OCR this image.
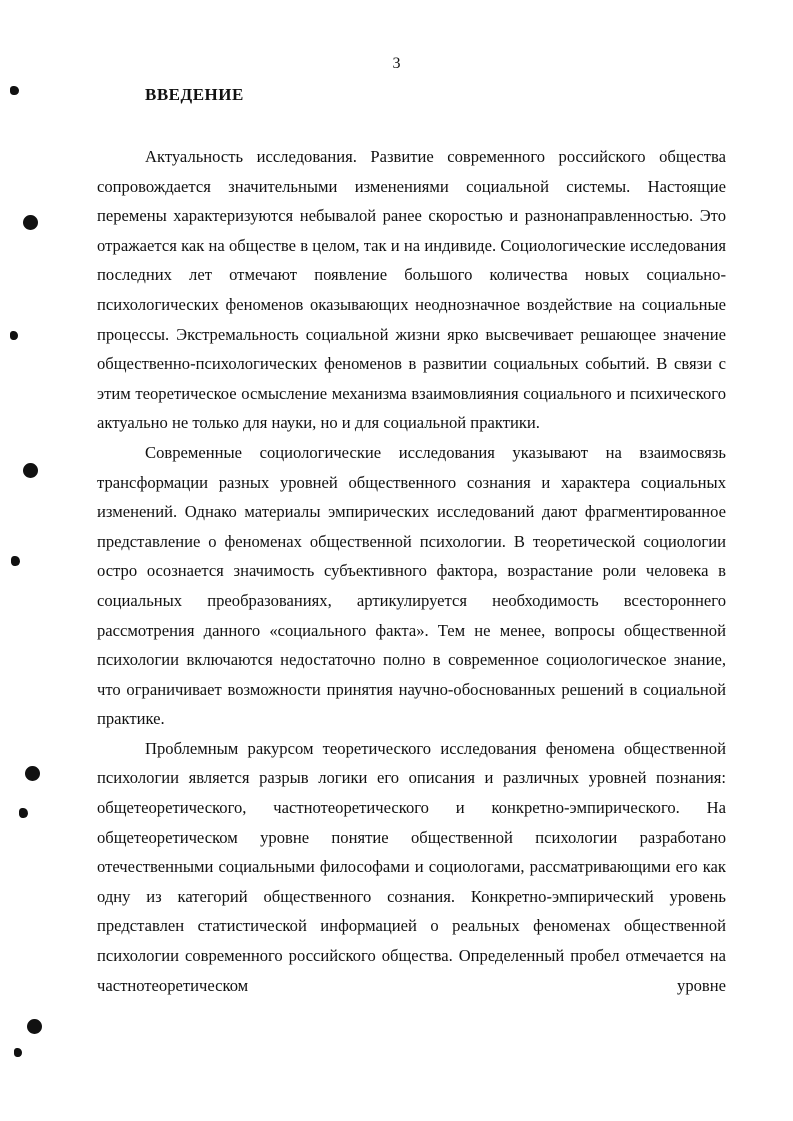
3
ВВЕДЕНИЕ

Актуальность исследования. Развитие современного российского общества сопровождается значительными изменениями социальной системы. Настоящие перемены характеризуются небывалой ранее скоростью и разнонаправленностью. Это отражается как на обществе в целом, так и на индивиде. Социологические исследования последних лет отмечают появление большого количества новых социально-психологических феноменов оказывающих неоднозначное воздействие на социальные процессы. Экстремальность социальной жизни ярко высвечивает решающее значение общественно-психологических феноменов в развитии социальных событий. В связи с этим теоретическое осмысление механизма взаимовлияния социального и психического актуально не только для науки, но и для социальной практики.

Современные социологические исследования указывают на взаимосвязь трансформации разных уровней общественного сознания и характера социальных изменений. Однако материалы эмпирических исследований дают фрагментированное представление о феноменах общественной психологии. В теоретической социологии остро осознается значимость субъективного фактора, возрастание роли человека в социальных преобразованиях, артикулируется необходимость всестороннего рассмотрения данного «социального факта». Тем не менее, вопросы общественной психологии включаются недостаточно полно в современное социологическое знание, что ограничивает возможности принятия научно-обоснованных решений в социальной практике.

Проблемным ракурсом теоретического исследования феномена общественной психологии является разрыв логики его описания и различных уровней познания: общетеоретического, частнотеоретического и конкретно-эмпирического. На общетеоретическом уровне понятие общественной психологии разработано отечественными социальными философами и социологами, рассматривающими его как одну из категорий общественного сознания. Конкретно-эмпирический уровень представлен статистической информацией о реальных феноменах общественной психологии современного российского общества. Определенный пробел отмечается на частнотеоретическом уровне
